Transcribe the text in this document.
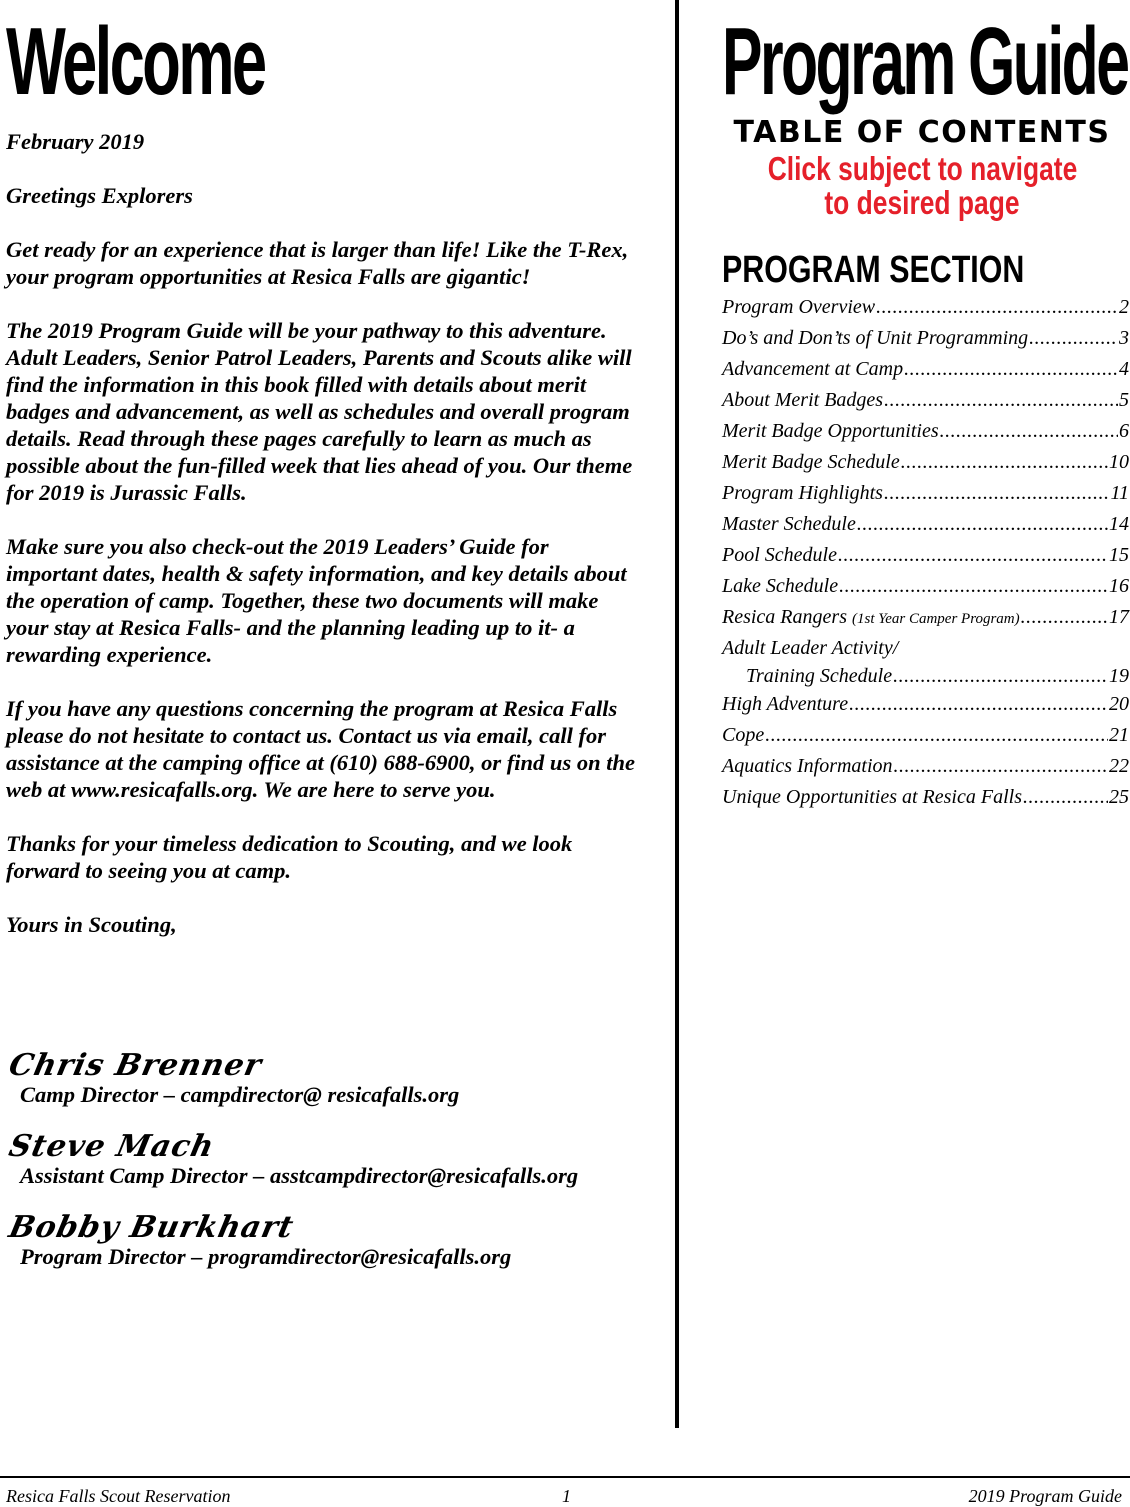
Welcome

February 2019

Greetings Explorers

Get ready for an experience that is larger than life! Like the T-Rex, your program opportunities at Resica Falls are gigantic!

The 2019 Program Guide will be your pathway to this adventure. Adult Leaders, Senior Patrol Leaders, Parents and Scouts alike will find the information in this book filled with details about merit badges and advancement, as well as schedules and overall program details. Read through these pages carefully to learn as much as possible about the fun-filled week that lies ahead of you. Our theme for 2019 is Jurassic Falls.

Make sure you also check-out the 2019 Leaders’ Guide for important dates, health & safety information, and key details about the operation of camp. Together, these two documents will make your stay at Resica Falls- and the planning leading up to it- a rewarding experience.

If you have any questions concerning the program at Resica Falls please do not hesitate to contact us. Contact us via email, call for assistance at the camping office at (610) 688-6900, or find us on the web at www.resicafalls.org. We are here to serve you.

Thanks for your timeless dedication to Scouting, and we look forward to seeing you at camp.

Yours in Scouting,

Chris Brenner
Camp Director – campdirector@ resicafalls.org
Steve Mach
Assistant Camp Director – asstcampdirector@resicafalls.org
Bobby Burkhart
Program Director – programdirector@resicafalls.org
Program Guide
TABLE OF CONTENTS
Click subject to navigate
to desired page
PROGRAM SECTION
Program Overview .....	2
Do’s and Don’ts of Unit Programming .....	3
Advancement at Camp .....	4
About Merit Badges .....	5
Merit Badge Opportunities .....	6
Merit Badge Schedule .....	10
Program Highlights .....	11
Master Schedule .....	14
Pool Schedule .....	15
Lake Schedule .....	16
Resica Rangers
(1st Year Camper Program) .....	17
Adult Leader Activity/
Training Schedule .....	19
High Adventure .....	20
Cope .....	21
Aquatics Information .....	22
Unique Opportunities at Resica Falls .....	25
Resica Falls Scout Reservation	1	2019 Program Guide
